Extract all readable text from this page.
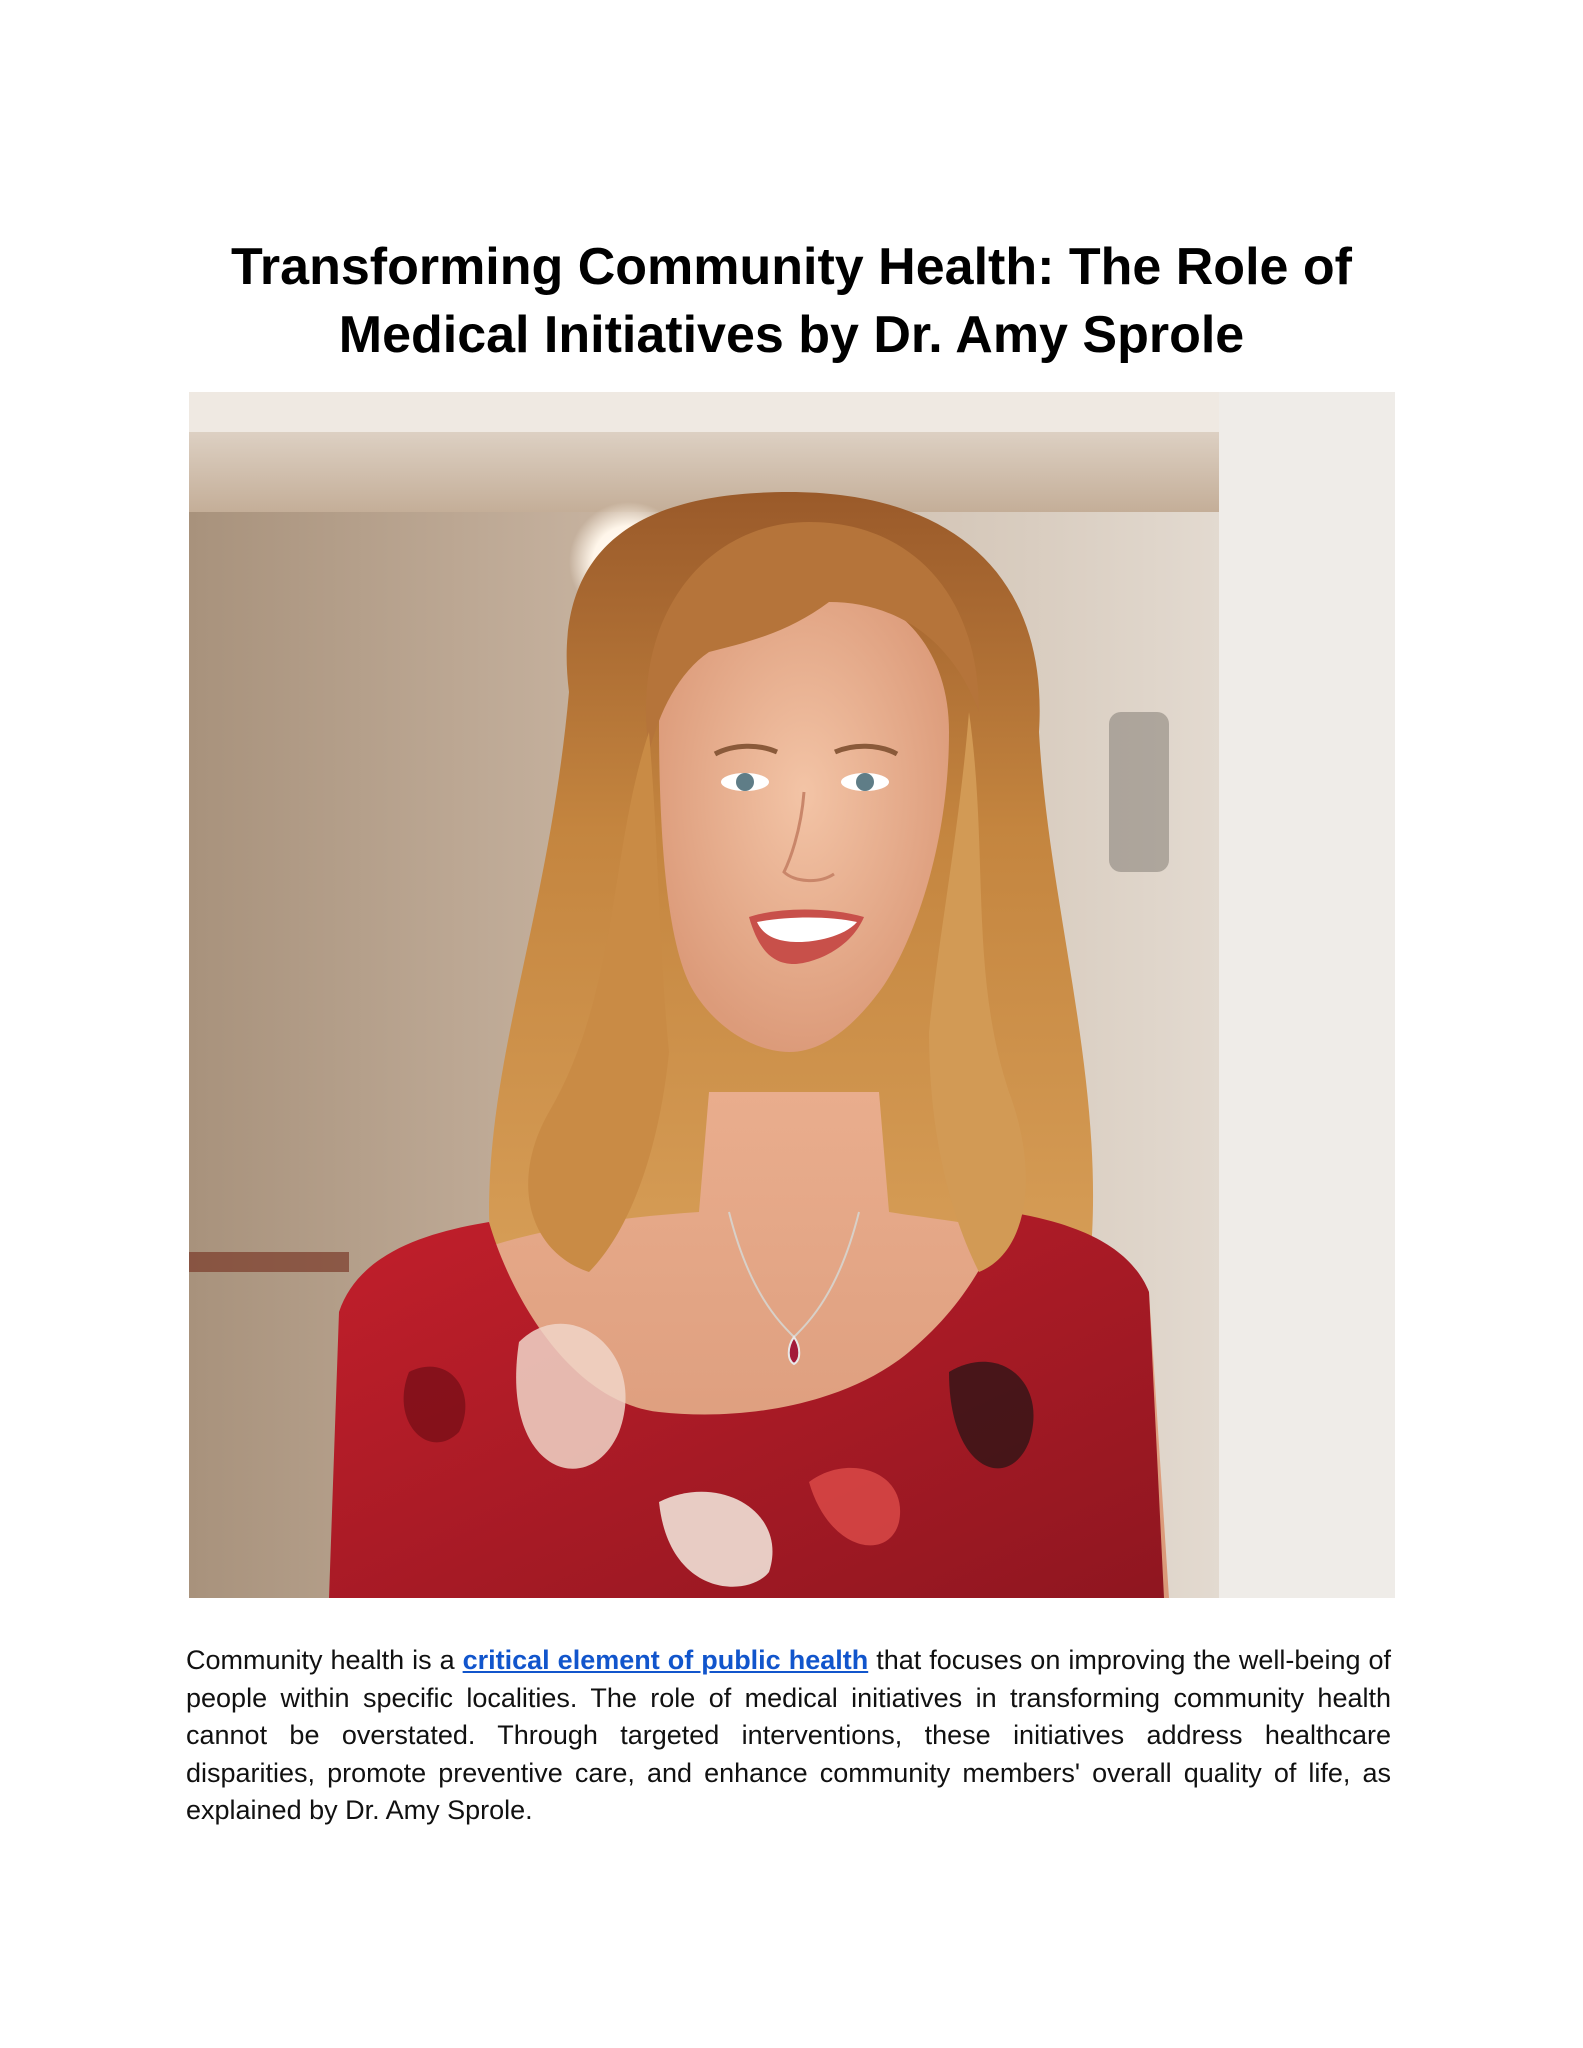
Transforming Community Health: The Role of
Medical Initiatives by Dr. Amy Sprole

Community health is a critical element of public health that focuses on improving the well-being of people within specific localities. The role of medical initiatives in transforming community health cannot be overstated. Through targeted interventions, these initiatives address healthcare disparities, promote preventive care, and enhance community members' overall quality of life, as explained by Dr. Amy Sprole.
